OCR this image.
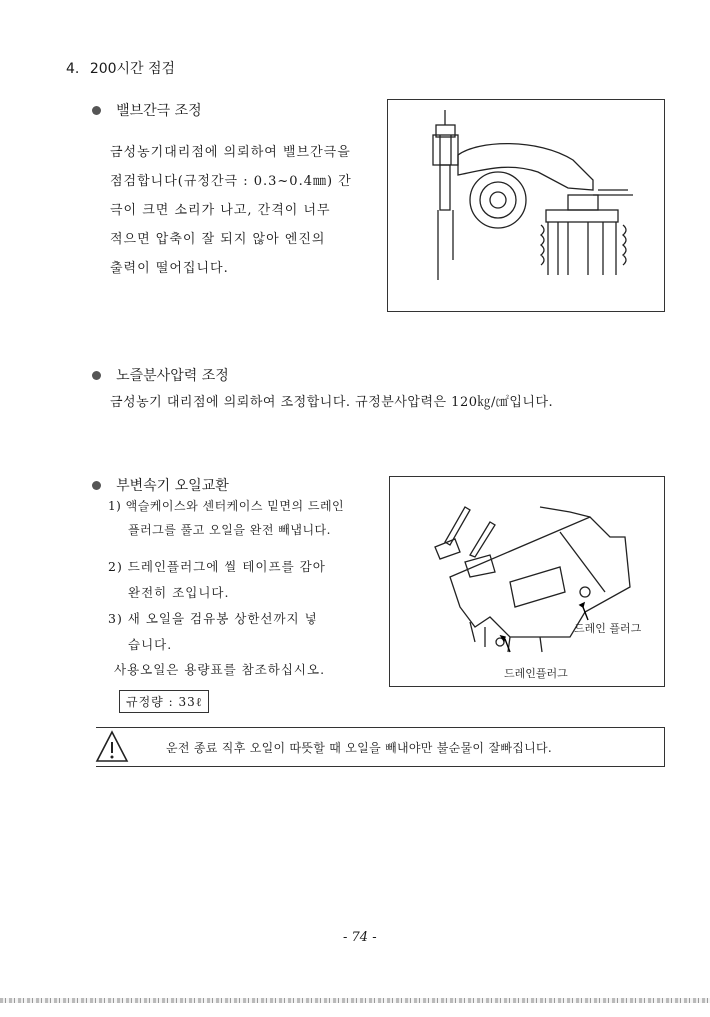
4. 200시간 점검
밸브간극 조정
금성농기대리점에 의뢰하여 밸브간극을
점검합니다(규정간극 : 0.3~0.4㎜) 간
극이 크면 소리가 나고, 간격이 너무
적으면 압축이 잘 되지 않아 엔진의
출력이 떨어집니다.
노즐분사압력 조정
금성농기 대리점에 의뢰하여 조정합니다. 규정분사압력은 120㎏/㎠입니다.
부변속기 오일교환
1) 액슬케이스와 센터케이스 밑면의 드레인
플러그를 풀고 오일을 완전 빼냅니다.
2) 드레인플러그에 씰 테이프를 감아
완전히 조입니다.
3) 새 오일을 검유봉 상한선까지 넣
습니다.
사용오일은 용량표를 참조하십시오.
규정량 : 33ℓ
드레인 플러그
드레인플러그
운전 종료 직후 오일이 따뜻할 때 오일을 빼내야만 불순물이 잘빠집니다.
- 74 -
